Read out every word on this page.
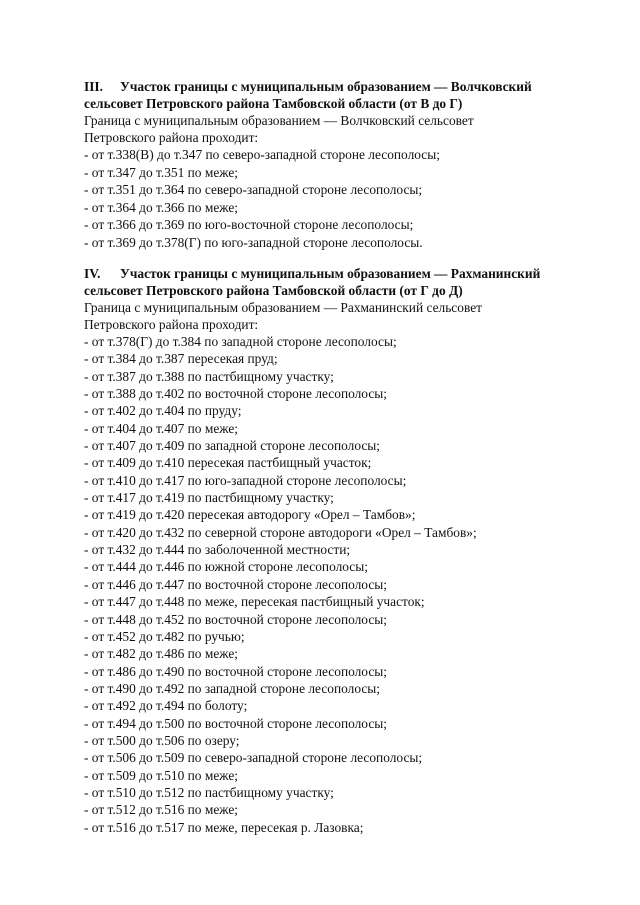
III. Участок границы с муниципальным образованием — Волчковский
сельсовет Петровского района Тамбовской области (от В до Г)
Граница с муниципальным образованием — Волчковский сельсовет
Петровского района проходит:
- от т.338(В) до т.347 по северо-западной стороне лесополосы;
- от т.347 до т.351 по меже;
- от т.351 до т.364 по северо-западной стороне лесополосы;
- от т.364 до т.366 по меже;
- от т.366 до т.369 по юго-восточной стороне лесополосы;
- от т.369 до т.378(Г) по юго-западной стороне лесополосы.
IV. Участок границы с муниципальным образованием — Рахманинский
сельсовет Петровского района Тамбовской области (от Г до Д)
Граница с муниципальным образованием — Рахманинский сельсовет
Петровского района проходит:
- от т.378(Г) до т.384 по западной стороне лесополосы;
- от т.384 до т.387 пересекая пруд;
- от т.387 до т.388 по пастбищному участку;
- от т.388 до т.402 по восточной стороне лесополосы;
- от т.402 до т.404 по пруду;
- от т.404 до т.407 по меже;
- от т.407 до т.409 по западной стороне лесополосы;
- от т.409 до т.410 пересекая пастбищный участок;
- от т.410 до т.417 по юго-западной стороне лесополосы;
- от т.417 до т.419 по пастбищному участку;
- от т.419 до т.420 пересекая автодорогу «Орел – Тамбов»;
- от т.420 до т.432 по северной стороне автодороги «Орел – Тамбов»;
- от т.432 до т.444 по заболоченной местности;
- от т.444 до т.446 по южной стороне лесополосы;
- от т.446 до т.447 по восточной стороне лесополосы;
- от т.447 до т.448 по меже, пересекая пастбищный участок;
- от т.448 до т.452 по восточной стороне лесополосы;
- от т.452 до т.482 по ручью;
- от т.482 до т.486 по меже;
- от т.486 до т.490 по восточной стороне лесополосы;
- от т.490 до т.492 по западной стороне лесополосы;
- от т.492 до т.494 по болоту;
- от т.494 до т.500 по восточной стороне лесополосы;
- от т.500 до т.506 по озеру;
- от т.506 до т.509 по северо-западной стороне лесополосы;
- от т.509 до т.510 по меже;
- от т.510 до т.512 по пастбищному участку;
- от т.512 до т.516 по меже;
- от т.516 до т.517 по меже, пересекая р. Лазовка;
